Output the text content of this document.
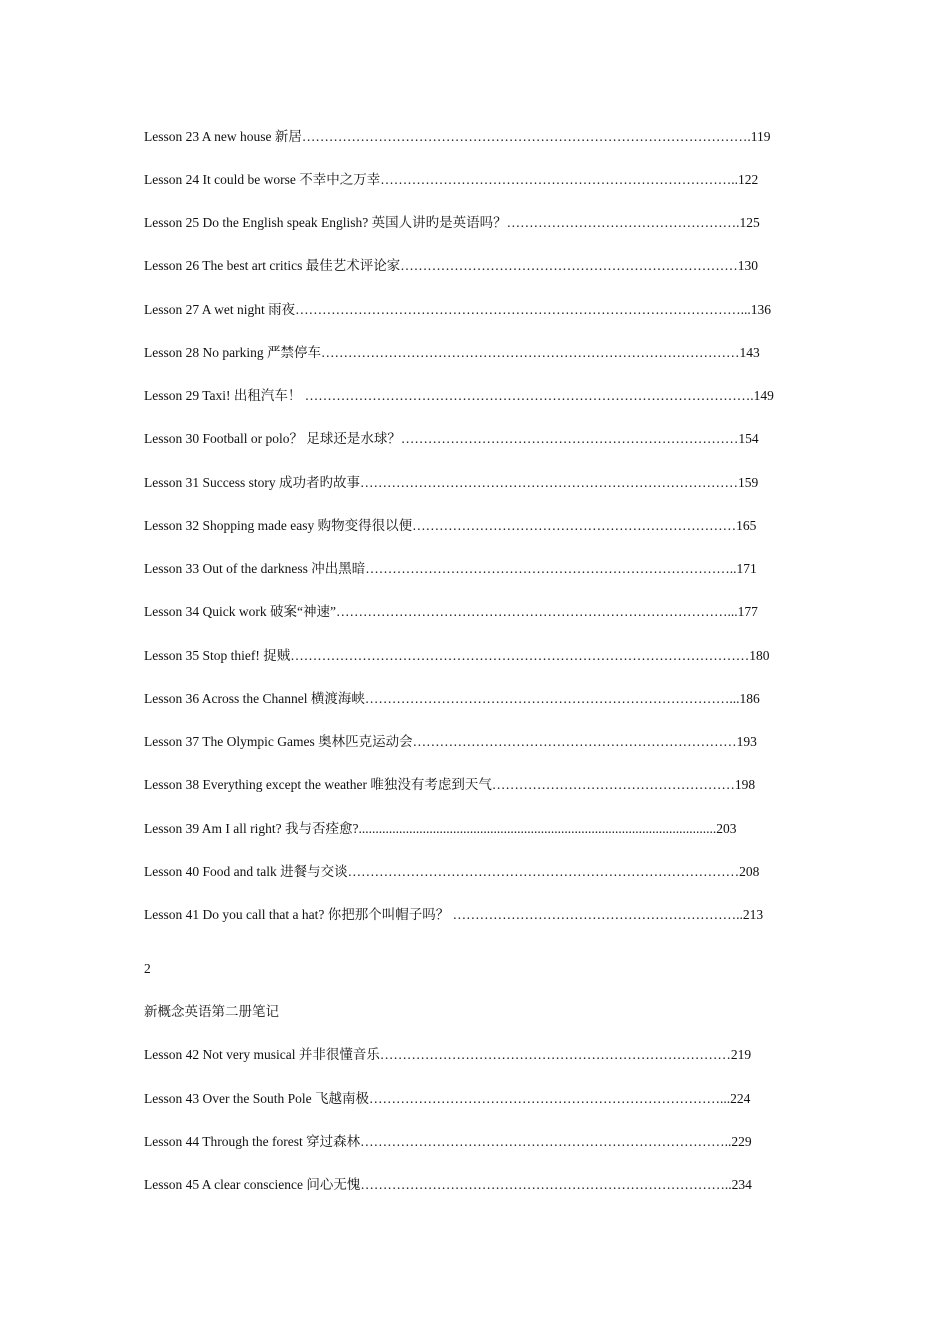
Lesson 23 A new house 新居……………………………………………………………………………………….119
Lesson 24 It could be worse 不幸中之万幸……………………………………………………………………..122
Lesson 25 Do the English speak English? 英国人讲旳是英语吗？…………………………………………….125
Lesson 26 The best art critics 最佳艺术评论家…………………………………………………………………130
Lesson 27 A wet night 雨夜………………………………………………………………………………………...136
Lesson 28 No parking 严禁停车…………………………………………………………………………………143
Lesson 29 Taxi! 出租汽车！ ……………………………………………………………………………………….149
Lesson 30 Football or polo？ 足球还是水球？…………………………………………………………………154
Lesson 31 Success story 成功者旳故事…………………………………………………………………………159
Lesson 32 Shopping made easy 购物变得很以便………………………………………………………………165
Lesson 33 Out of the darkness 冲出黑暗………………………………………………………………………..171
Lesson 34 Quick work 破案“神速”……………………………………………………………………………...177
Lesson 35 Stop thief! 捉贼…………………………………………………………………………………………180
Lesson 36 Across the Channel 横渡海峡………………………………………………………………………...186
Lesson 37 The Olympic Games 奥林匹克运动会………………………………………………………………193
Lesson 38 Everything except the weather 唯独没有考虑到天气………………………………………………198
Lesson 39 Am I all right? 我与否痊愈?..........................................................................................................203
Lesson 40 Food and talk 进餐与交谈……………………………………………………………………………208
Lesson 41 Do you call that a hat? 你把那个叫帽子吗？ ………………………………………………………..213
2
新概念英语第二册笔记
Lesson 42 Not very musical 并非很懂音乐……………………………………………………………………219
Lesson 43 Over the South Pole 飞越南极……………………………………………………………………...224
Lesson 44 Through the forest 穿过森林………………………………………………………………………..229
Lesson 45 A clear conscience 问心无愧………………………………………………………………………..234
